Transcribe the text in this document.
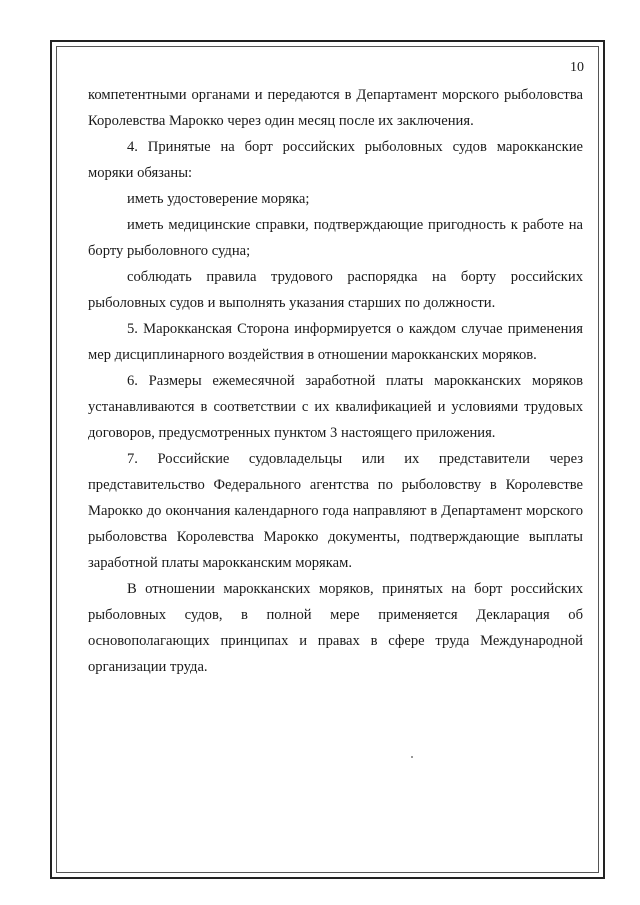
10

компетентными органами и передаются в Департамент морского рыболовства Королевства Марокко через один месяц после их заключения.

4. Принятые на борт российских рыболовных судов марокканские моряки обязаны:

иметь удостоверение моряка;

иметь медицинские справки, подтверждающие пригодность к работе на борту рыболовного судна;

соблюдать правила трудового распорядка на борту российских рыболовных судов и выполнять указания старших по должности.

5. Марокканская Сторона информируется о каждом случае применения мер дисциплинарного воздействия в отношении марокканских моряков.

6. Размеры ежемесячной заработной платы марокканских моряков устанавливаются в соответствии с их квалификацией и условиями трудовых договоров, предусмотренных пунктом 3 настоящего приложения.

7. Российские судовладельцы или их представители через представительство Федерального агентства по рыболовству в Королевстве Марокко до окончания календарного года направляют в Департамент морского рыболовства Королевства Марокко документы, подтверждающие выплаты заработной платы марокканским морякам.

В отношении марокканских моряков, принятых на борт российских рыболовных судов, в полной мере применяется Декларация об основополагающих принципах и правах в сфере труда Международной организации труда.
